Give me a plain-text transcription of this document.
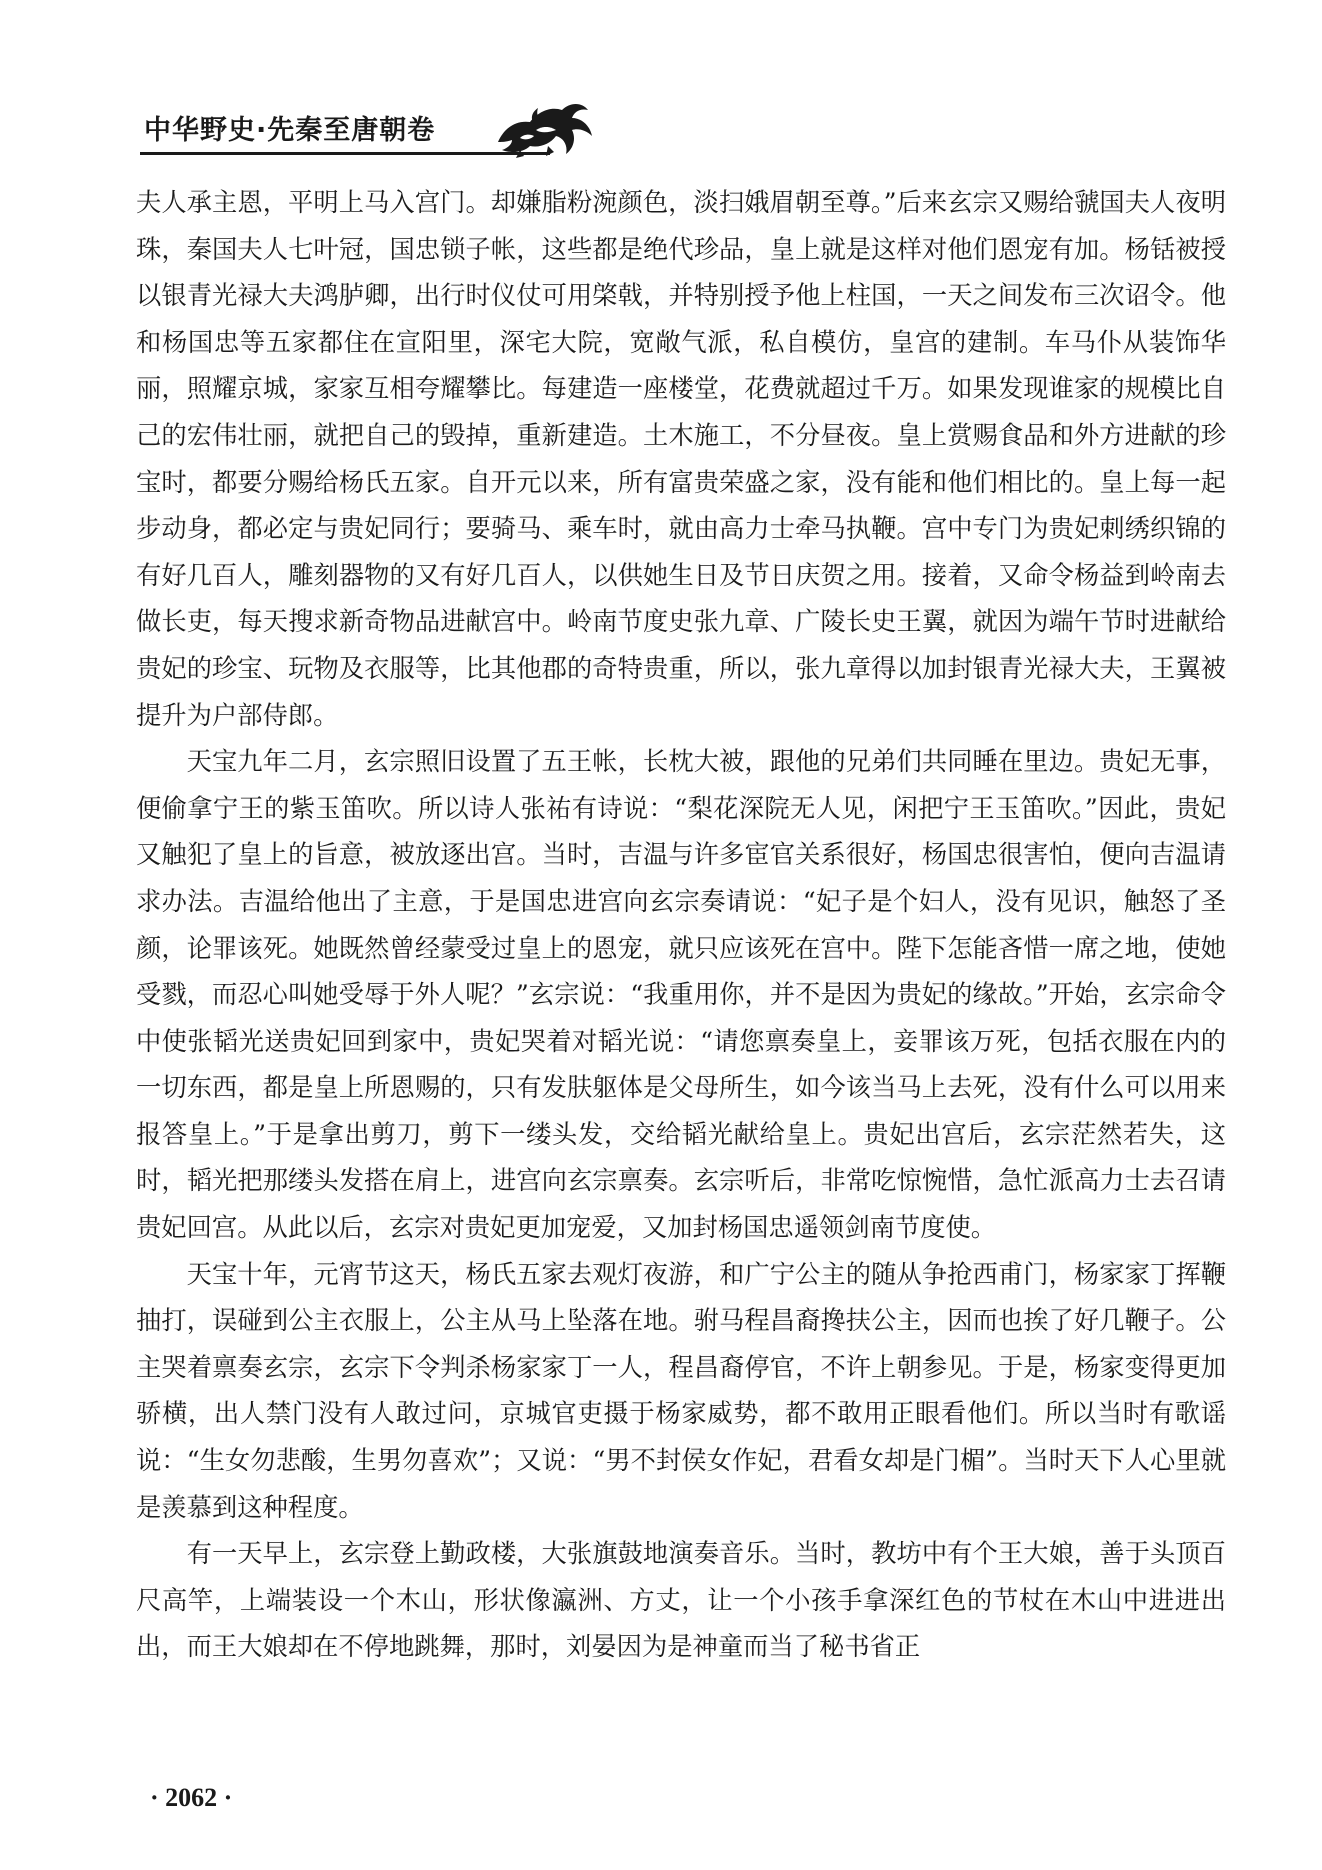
中华野史·先秦至唐朝卷

夫人承主恩，平明上马入宫门。却嫌脂粉涴颜色，淡扫娥眉朝至尊。”后来玄宗又赐给虢国夫人夜明珠，秦国夫人七叶冠，国忠锁子帐，这些都是绝代珍品，皇上就是这样对他们恩宠有加。杨铦被授以银青光禄大夫鸿胪卿，出行时仪仗可用棨戟，并特别授予他上柱国，一天之间发布三次诏令。他和杨国忠等五家都住在宣阳里，深宅大院，宽敞气派，私自模仿，皇宫的建制。车马仆从装饰华丽，照耀京城，家家互相夸耀攀比。每建造一座楼堂，花费就超过千万。如果发现谁家的规模比自己的宏伟壮丽，就把自己的毁掉，重新建造。土木施工，不分昼夜。皇上赏赐食品和外方进献的珍宝时，都要分赐给杨氏五家。自开元以来，所有富贵荣盛之家，没有能和他们相比的。皇上每一起步动身，都必定与贵妃同行；要骑马、乘车时，就由高力士牵马执鞭。宫中专门为贵妃刺绣织锦的有好几百人，雕刻器物的又有好几百人，以供她生日及节日庆贺之用。接着，又命令杨益到岭南去做长吏，每天搜求新奇物品进献宫中。岭南节度史张九章、广陵长史王翼，就因为端午节时进献给贵妃的珍宝、玩物及衣服等，比其他郡的奇特贵重，所以，张九章得以加封银青光禄大夫，王翼被提升为户部侍郎。

天宝九年二月，玄宗照旧设置了五王帐，长枕大被，跟他的兄弟们共同睡在里边。贵妃无事，便偷拿宁王的紫玉笛吹。所以诗人张祐有诗说：“梨花深院无人见，闲把宁王玉笛吹。”因此，贵妃又触犯了皇上的旨意，被放逐出宫。当时，吉温与许多宦官关系很好，杨国忠很害怕，便向吉温请求办法。吉温给他出了主意，于是国忠进宫向玄宗奏请说：“妃子是个妇人，没有见识，触怒了圣颜，论罪该死。她既然曾经蒙受过皇上的恩宠，就只应该死在宫中。陛下怎能吝惜一席之地，使她受戮，而忍心叫她受辱于外人呢？”玄宗说：“我重用你，并不是因为贵妃的缘故。”开始，玄宗命令中使张韬光送贵妃回到家中，贵妃哭着对韬光说：“请您禀奏皇上，妾罪该万死，包括衣服在内的一切东西，都是皇上所恩赐的，只有发肤躯体是父母所生，如今该当马上去死，没有什么可以用来报答皇上。”于是拿出剪刀，剪下一缕头发，交给韬光献给皇上。贵妃出宫后，玄宗茫然若失，这时，韬光把那缕头发搭在肩上，进宫向玄宗禀奏。玄宗听后，非常吃惊惋惜，急忙派高力士去召请贵妃回宫。从此以后，玄宗对贵妃更加宠爱，又加封杨国忠遥领剑南节度使。

天宝十年，元宵节这天，杨氏五家去观灯夜游，和广宁公主的随从争抢西甫门，杨家家丁挥鞭抽打，误碰到公主衣服上，公主从马上坠落在地。驸马程昌裔搀扶公主，因而也挨了好几鞭子。公主哭着禀奏玄宗，玄宗下令判杀杨家家丁一人，程昌裔停官，不许上朝参见。于是，杨家变得更加骄横，出人禁门没有人敢过问，京城官吏摄于杨家威势，都不敢用正眼看他们。所以当时有歌谣说：“生女勿悲酸，生男勿喜欢”；又说：“男不封侯女作妃，君看女却是门楣”。当时天下人心里就是羡慕到这种程度。

有一天早上，玄宗登上勤政楼，大张旗鼓地演奏音乐。当时，教坊中有个王大娘，善于头顶百尺高竿，上端装设一个木山，形状像瀛洲、方丈，让一个小孩手拿深红色的节杖在木山中进进出出，而王大娘却在不停地跳舞，那时，刘晏因为是神童而当了秘书省正

· 2062 ·
